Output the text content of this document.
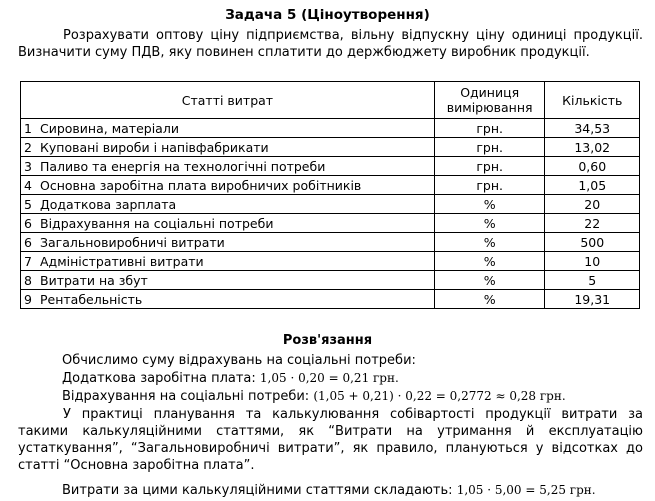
Задача 5 (Ціноутворення)
Розрахувати оптову ціну підприємства, вільну відпускну ціну одиниці продукції. Визначити суму ПДВ, яку повинен сплатити до держбюджету виробник продукції.
Статті витрат	Одиниця вимірювання	Кількість
1 Сировина, матеріали	грн.	34,53
2 Куповані вироби і напівфабрикати	грн.	13,02
3 Паливо та енергія на технологічні потреби	грн.	0,60
4 Основна заробітна плата виробничих робітників	грн.	1,05
5 Додаткова зарплата	%	20
6 Відрахування на соціальні потреби	%	22
6 Загальновиробничі витрати	%	500
7 Адміністративні витрати	%	10
8 Витрати на збут	%	5
9 Рентабельність	%	19,31
Розв'язання
Обчислимо суму відрахувань на соціальні потреби:
Додаткова заробітна плата: 1,05 · 0,20 = 0,21 грн.
Відрахування на соціальні потреби: (1,05 + 0,21) · 0,22 = 0,2772 ≈ 0,28 грн.
У практиці планування та калькулювання собівартості продукції витрати за такими калькуляційними статтями, як “Витрати на утримання й експлуатацію устаткування”, “Загальновиробничі витрати”, як правило, плануються у відсотках до статті “Основна заробітна плата”.
Витрати за цими калькуляційними статтями складають: 1,05 · 5,00 = 5,25 грн.
